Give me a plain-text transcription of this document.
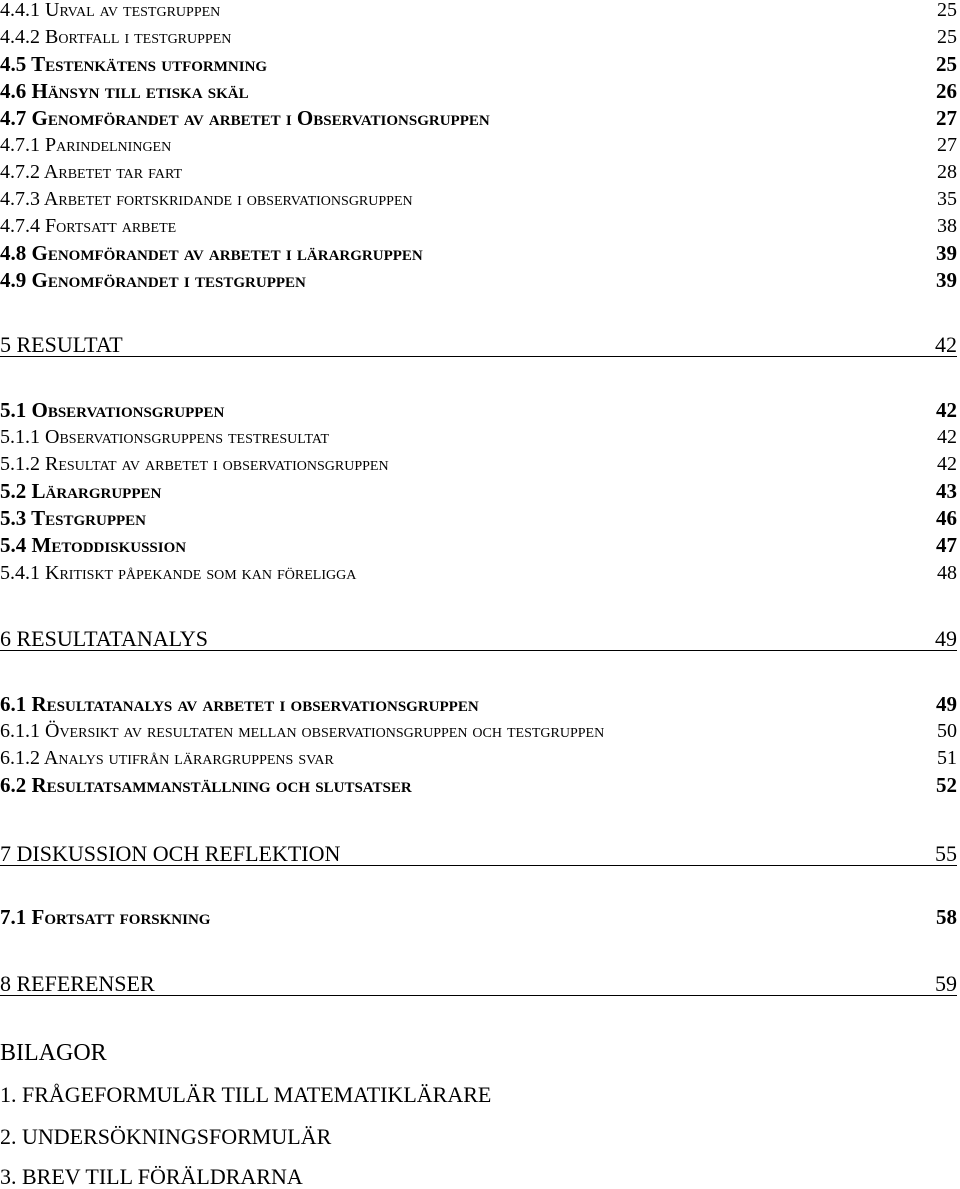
4.4.1 Urval av testgruppen	25
4.4.2 Bortfall i testgruppen	25
4.5 Testenkätens utformning	25
4.6 Hänsyn till etiska skäl	26
4.7 Genomförandet av arbetet i Observationsgruppen	27
4.7.1 Parindelningen	27
4.7.2 Arbetet tar fart	28
4.7.3 Arbetet fortskridande i observationsgruppen	35
4.7.4 Fortsatt arbete	38
4.8 Genomförandet av arbetet i lärargruppen	39
4.9 Genomförandet i testgruppen	39
5 RESULTAT	42
5.1 Observationsgruppen	42
5.1.1 Observationsgruppens testresultat	42
5.1.2 Resultat av arbetet i observationsgruppen	42
5.2 Lärargruppen	43
5.3 Testgruppen	46
5.4 Metoddiskussion	47
5.4.1 Kritiskt påpekande som kan föreligga	48
6 RESULTATANALYS	49
6.1 Resultatanalys av arbetet i observationsgruppen	49
6.1.1 Översikt av resultaten mellan observationsgruppen och testgruppen	50
6.1.2 Analys utifrån lärargruppens svar	51
6.2 Resultatsammanställning och slutsatser	52
7 DISKUSSION OCH REFLEKTION	55
7.1 Fortsatt forskning	58
8 REFERENSER	59
BILAGOR
1. FRÅGEFORMULÄR TILL MATEMATIKLÄRARE
2. UNDERSÖKNINGSFORMULÄR
3. BREV TILL FÖRÄLDRARNA
